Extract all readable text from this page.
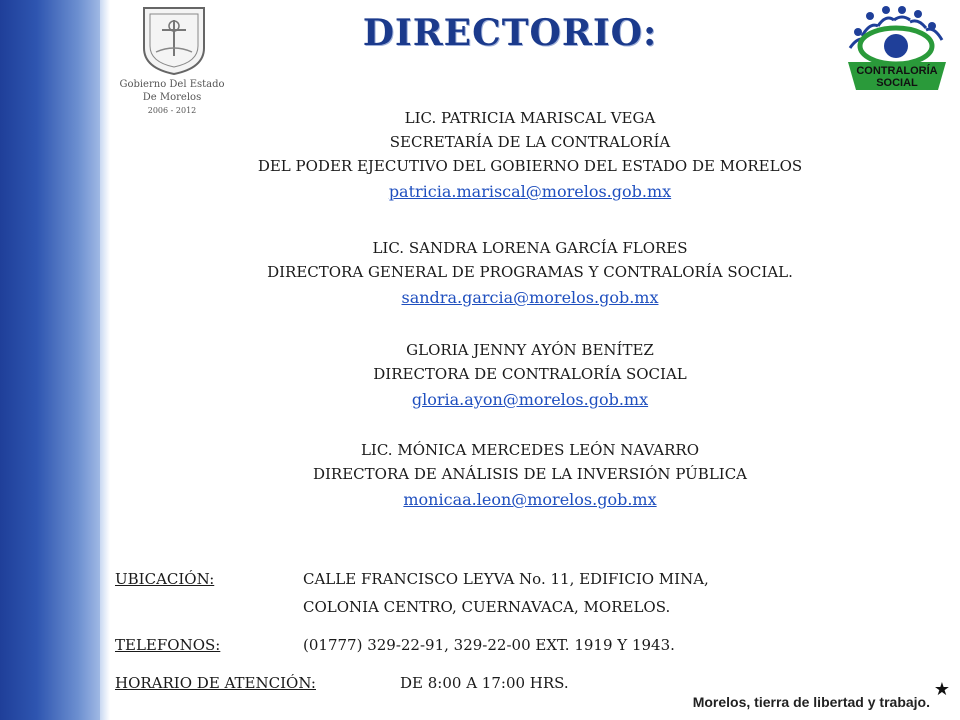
Gobierno Del Estado
De Morelos
2006 - 2012
DIRECTORIO:
CONTRALORÍA
SOCIAL
LIC. PATRICIA MARISCAL VEGA
SECRETARÍA DE LA CONTRALORÍA
DEL PODER EJECUTIVO DEL GOBIERNO DEL ESTADO DE MORELOS
patricia.mariscal@morelos.gob.mx
LIC. SANDRA LORENA GARCÍA FLORES
DIRECTORA GENERAL DE PROGRAMAS Y CONTRALORÍA SOCIAL.
sandra.garcia@morelos.gob.mx
GLORIA JENNY AYÓN BENÍTEZ
DIRECTORA DE CONTRALORÍA SOCIAL
gloria.ayon@morelos.gob.mx
LIC. MÓNICA MERCEDES LEÓN NAVARRO
DIRECTORA DE ANÁLISIS DE LA INVERSIÓN PÚBLICA
monicaa.leon@morelos.gob.mx
UBICACIÓN:	CALLE FRANCISCO LEYVA No. 11, EDIFICIO MINA,
COLONIA CENTRO, CUERNAVACA, MORELOS.
TELEFONOS:	(01777) 329-22-91, 329-22-00 EXT. 1919 Y 1943.
HORARIO DE ATENCIÓN:	DE 8:00 A 17:00 HRS.
Morelos, tierra de libertad y trabajo.
★
